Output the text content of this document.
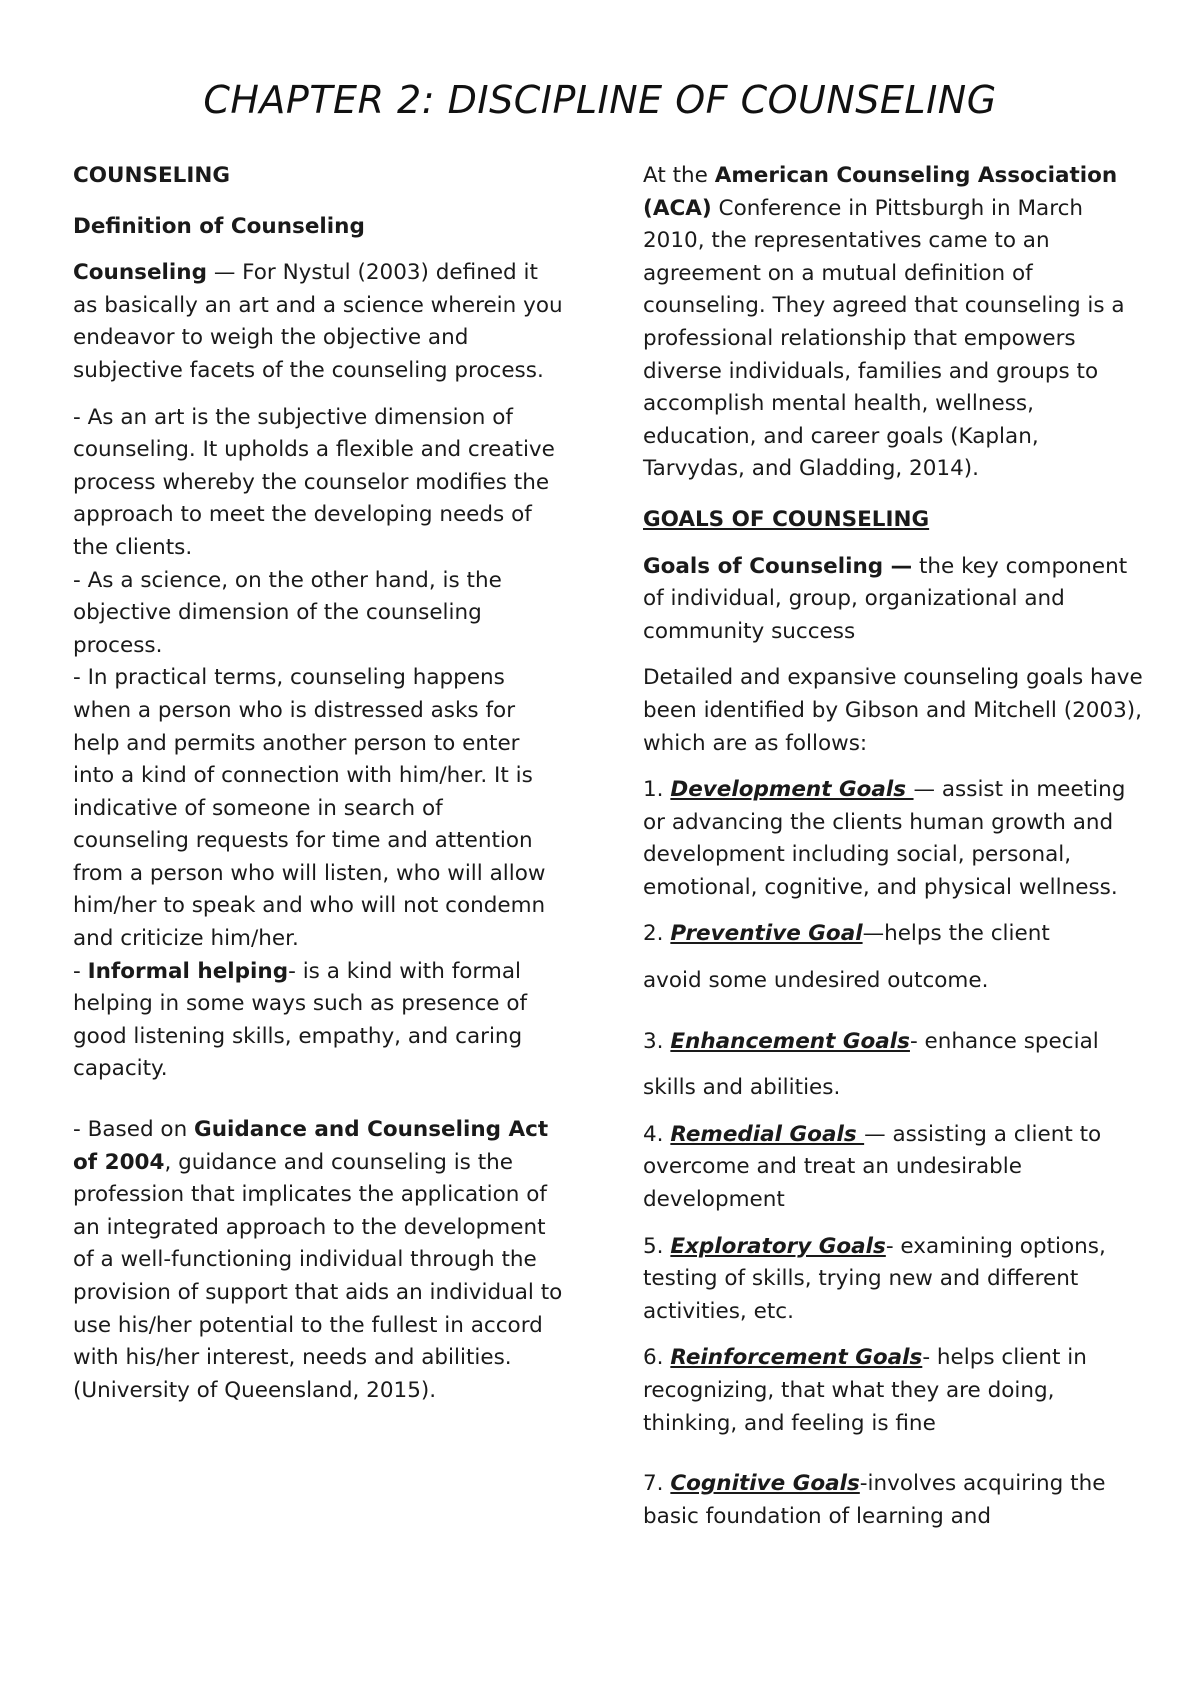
CHAPTER 2: DISCIPLINE OF COUNSELING

COUNSELING

Definition of Counseling

Counseling — For Nystul (2003) defined it as basically an art and a science wherein you endeavor to weigh the objective and subjective facets of the counseling process.

- As an art is the subjective dimension of counseling. It upholds a flexible and creative process whereby the counselor modifies the approach to meet the developing needs of the clients.

- As a science, on the other hand, is the objective dimension of the counseling process.

- In practical terms, counseling happens when a person who is distressed asks for help and permits another person to enter into a kind of connection with him/her. It is indicative of someone in search of counseling requests for time and attention from a person who will listen, who will allow him/her to speak and who will not condemn and criticize him/her.

- Informal helping- is a kind with formal helping in some ways such as presence of good listening skills, empathy, and caring capacity.

- Based on Guidance and Counseling Act of 2004, guidance and counseling is the profession that implicates the application of an integrated approach to the development of a well-functioning individual through the provision of support that aids an individual to use his/her potential to the fullest in accord with his/her interest, needs and abilities. (University of Queensland, 2015).

At the American Counseling Association (ACA) Conference in Pittsburgh in March 2010, the representatives came to an agreement on a mutual definition of counseling. They agreed that counseling is a professional relationship that empowers diverse individuals, families and groups to accomplish mental health, wellness, education, and career goals (Kaplan, Tarvydas, and Gladding, 2014).

GOALS OF COUNSELING

Goals of Counseling — the key component of individual, group, organizational and community success

Detailed and expansive counseling goals have been identified by Gibson and Mitchell (2003), which are as follows:

1. Development Goals — assist in meeting or advancing the clients human growth and development including social, personal, emotional, cognitive, and physical wellness.

2. Preventive Goal—helps the client

avoid some undesired outcome.

3. Enhancement Goals- enhance special

skills and abilities.

4. Remedial Goals — assisting a client to overcome and treat an undesirable development

5. Exploratory Goals- examining options, testing of skills, trying new and different activities, etc.

6. Reinforcement Goals- helps client in recognizing, that what they are doing, thinking, and feeling is fine

7. Cognitive Goals-involves acquiring the basic foundation of learning and
